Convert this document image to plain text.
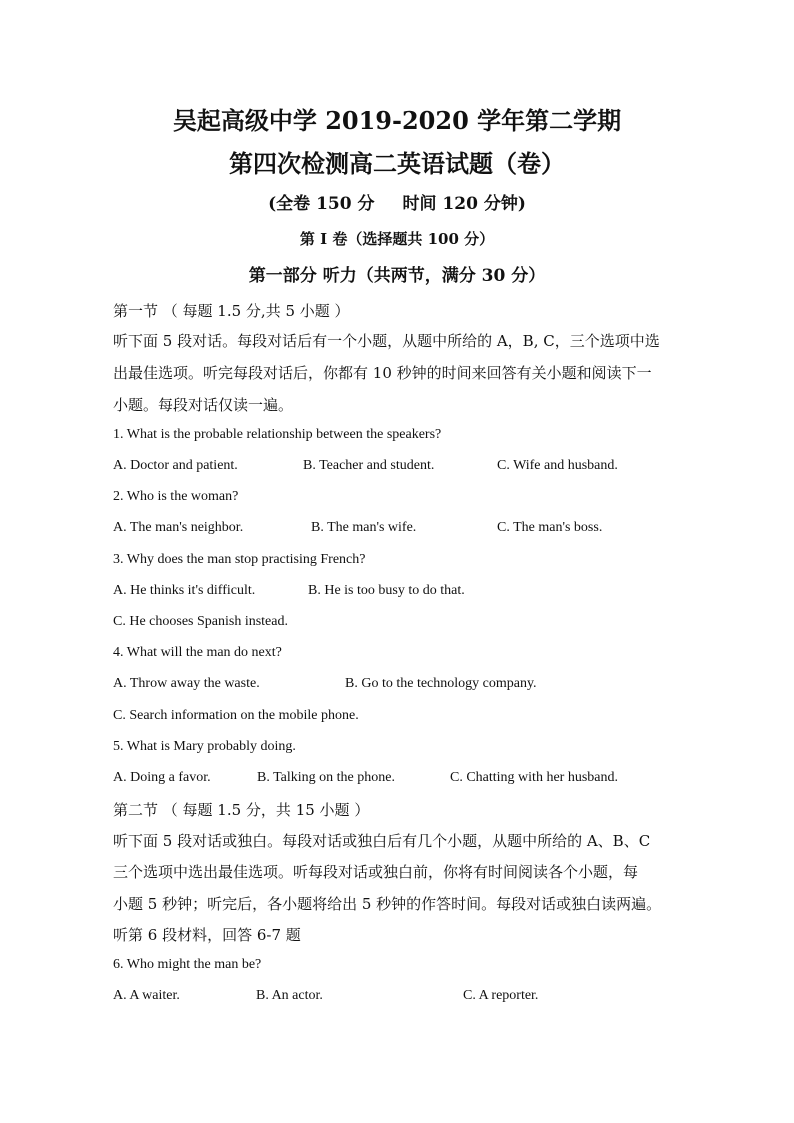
吴起高级中学 2019-2020 学年第二学期
第四次检测高二英语试题（卷）
(全卷 150 分 时间 120 分钟)
第 I 卷（选择题共 100 分）
第一部分 听力（共两节，满分 30 分）
第一节 （ 每题 1.5 分,共 5 小题 ）
听下面 5 段对话。每段对话后有一个小题，从题中所给的 A，B, C，三个选项中选
出最佳选项。听完每段对话后，你都有 10 秒钟的时间来回答有关小题和阅读下一
小题。每段对话仅读一遍。
1. What is the probable relationship between the speakers?
A. Doctor and patient.	B. Teacher and student.	C. Wife and husband.
2. Who is the woman?
A. The man's neighbor.	B. The man's wife.	C. The man's boss.
3. Why does the man stop practising French?
A. He thinks it's difficult.	B. He is too busy to do that.
C. He chooses Spanish instead.
4. What will the man do next?
A. Throw away the waste.	B. Go to the technology company.
C. Search information on the mobile phone.
5. What is Mary probably doing.
A. Doing a favor.	B. Talking on the phone.	C. Chatting with her husband.
第二节 （ 每题 1.5 分，共 15 小题 ）
听下面 5 段对话或独白。每段对话或独白后有几个小题，从题中所给的 A、B、C
三个选项中选出最佳选项。听每段对话或独白前，你将有时间阅读各个小题，每
小题 5 秒钟；听完后，各小题将给出 5 秒钟的作答时间。每段对话或独白读两遍。
听第 6 段材料，回答 6-7 题
6. Who might the man be?
A. A waiter.	B. An actor.	C. A reporter.
